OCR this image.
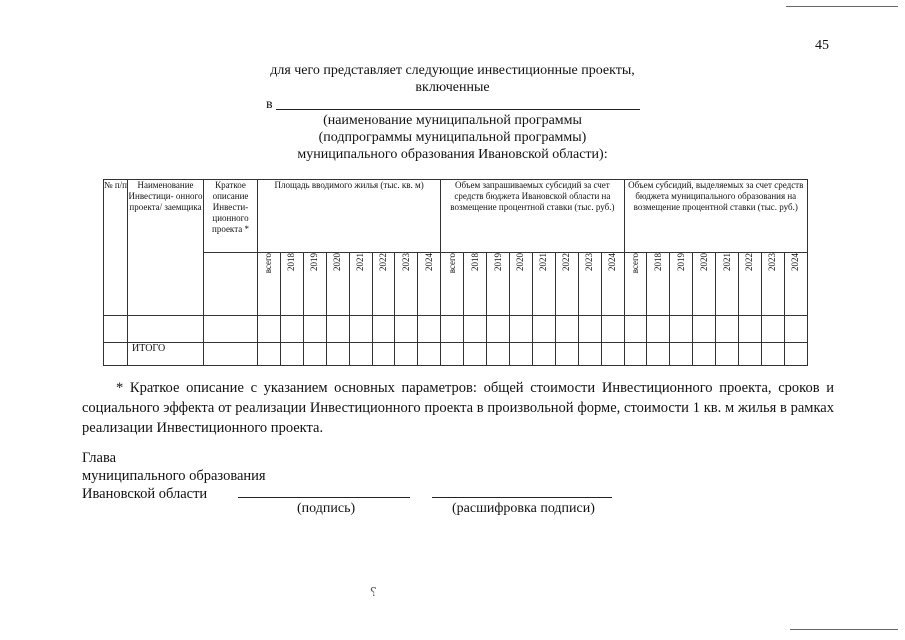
45
для чего представляет следующие инвестиционные проекты,
включенные
в
(наименование муниципальной программы
(подпрограммы муниципальной программы)
муниципального образования Ивановской области):
№ п/п	Наименование Инвестици- онного проекта/ заемщика	Краткое описание Инвести- ционного проекта *	Площадь вводимого жилья (тыс. кв. м)								Объем запрашиваемых субсидий за счет средств бюджета Ивановской области на возмещение процентной ставки (тыс. руб.)								Объем субсидий, выделяемых за счет средств бюджета муниципального образования на возмещение процентной ставки (тыс. руб.)							
			всего	2018	2019	2020	2021	2022	2023	2024	всего	2018	2019	2020	2021	2022	2023	2024	всего	2018	2019	2020	2021	2022	2023	2024

	ИТОГО																									
* Краткое описание с указанием основных параметров: общей стоимости Инвестиционного проекта, сроков и социального эффекта от реализации Инвестиционного проекта в произвольной форме, стоимости 1 кв. м жилья в рамках реализации Инвестиционного проекта.
Глава
муниципального образования
Ивановской области
(подпись)	(расшифровка подписи)
⸮
